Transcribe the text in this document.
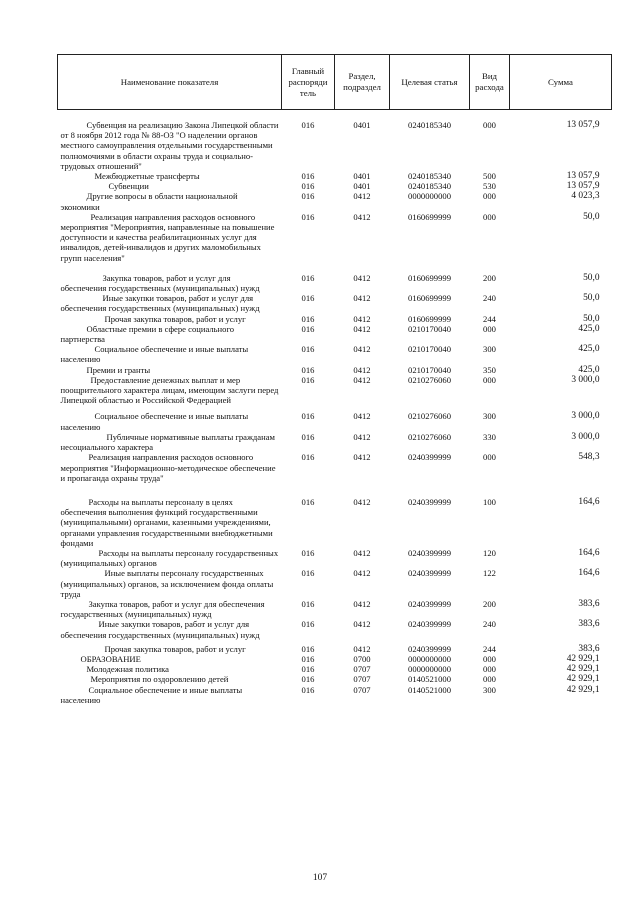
Наименование показателя	Главный распоряди тель	Раздел, подраздел	Целевая статья	Вид расхода	Сумма

Субвенция на реализацию Закона Липецкой области от 8 ноября 2012 года № 88-ОЗ "О наделении органов местного самоуправления отдельными государственными полномочиями в области охраны труда и социально-трудовых отношений"	016	0401	0240185340	000	13 057,9
Межбюджетные трансферты	016	0401	0240185340	500	13 057,9
Субвенции	016	0401	0240185340	530	13 057,9
Другие вопросы в области национальной экономики	016	0412	0000000000	000	4 023,3
Реализация направления расходов основного мероприятия "Мероприятия, направленные на повышение доступности и качества реабилитационных услуг для инвалидов, детей-инвалидов и других маломобильных групп населения"	016	0412	0160699999	000	50,0

Закупка товаров, работ и услуг для обеспечения государственных (муниципальных) нужд	016	0412	0160699999	200	50,0
Иные закупки товаров, работ и услуг для обеспечения государственных (муниципальных) нужд	016	0412	0160699999	240	50,0
Прочая закупка товаров, работ и услуг	016	0412	0160699999	244	50,0
Областные премии в сфере социального партнерства	016	0412	0210170040	000	425,0
Социальное обеспечение и иные выплаты населению	016	0412	0210170040	300	425,0
Премии и гранты	016	0412	0210170040	350	425,0
Предоставление денежных выплат и мер поощрительного характера лицам, имеющим заслуги перед Липецкой областью и Российской Федерацией	016	0412	0210276060	000	3 000,0

Социальное обеспечение и иные выплаты населению	016	0412	0210276060	300	3 000,0
Публичные нормативные выплаты гражданам несоциального характера	016	0412	0210276060	330	3 000,0
Реализация направления расходов основного мероприятия "Информационно-методическое обеспечение и пропаганда охраны труда"	016	0412	0240399999	000	548,3

Расходы на выплаты персоналу в целях обеспечения выполнения функций государственными (муниципальными) органами, казенными учреждениями, органами управления государственными внебюджетными фондами	016	0412	0240399999	100	164,6
Расходы на выплаты персоналу государственных (муниципальных) органов	016	0412	0240399999	120	164,6
Иные выплаты персоналу государственных (муниципальных) органов, за исключением фонда оплаты труда	016	0412	0240399999	122	164,6
Закупка товаров, работ и услуг для обеспечения государственных (муниципальных) нужд	016	0412	0240399999	200	383,6
Иные закупки товаров, работ и услуг для обеспечения государственных (муниципальных) нужд	016	0412	0240399999	240	383,6

Прочая закупка товаров, работ и услуг	016	0412	0240399999	244	383,6
ОБРАЗОВАНИЕ	016	0700	0000000000	000	42 929,1
Молодежная политика	016	0707	0000000000	000	42 929,1
Мероприятия по оздоровлению детей	016	0707	0140521000	000	42 929,1
Социальное обеспечение и иные выплаты населению	016	0707	0140521000	300	42 929,1
107
